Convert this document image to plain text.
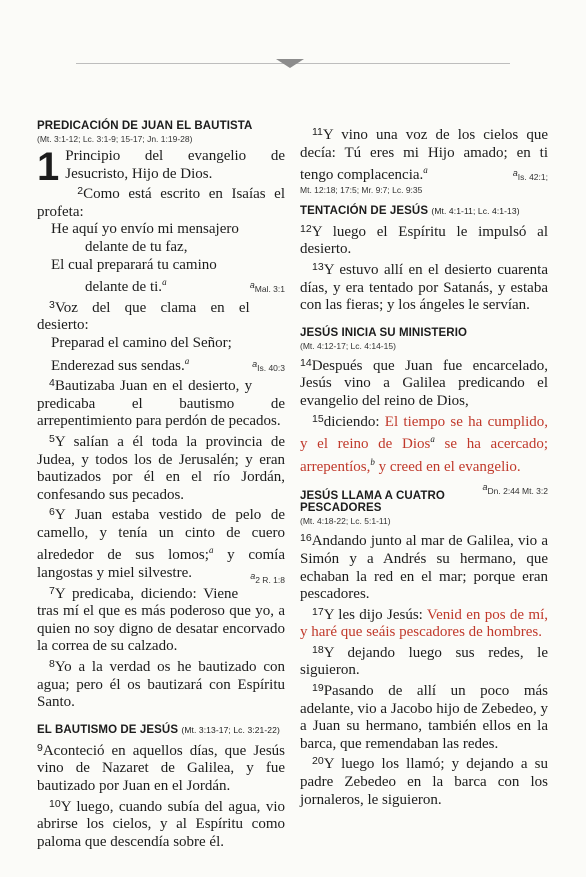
PREDICACIÓN DE JUAN EL BAUTISTA

(Mt. 3:1-12; Lc. 3:1-9; 15-17; Jn. 1:19-28)

1 Principio del evangelio de Jesucristo, Hijo de Dios.

$^2$Como está escrito en Isaías el profeta:

He aquí yo envío mi mensajero
delante de tu faz,
El cual preparará tu camino
delante de ti.$^a$	$^a$Mal. 3:1

$^3$Voz del que clama en el desierto:

Preparad el camino del Señor;
Enderezad sus sendas.$^a$	$^a$Is. 40:3

$^4$Bautizaba Juan en el desierto, y predicaba el bautismo de arrepentimiento para perdón de pecados.

$^5$Y salían a él toda la provincia de Judea, y todos los de Jerusalén; y eran bautizados por él en el río Jordán, confesando sus pecados.

$^6$Y Juan estaba vestido de pelo de camello, y tenía un cinto de cuero alrededor de sus lomos;$^a$ y comía langostas y miel silvestre.	$^a$2 R. 1:8

$^7$Y predicaba, diciendo: Viene tras mí el que es más poderoso que yo, a quien no soy digno de desatar encorvado la correa de su calzado.

$^8$Yo a la verdad os he bautizado con agua; pero él os bautizará con Espíritu Santo.

EL BAUTISMO DE JESÚS (Mt. 3:13-17; Lc. 3:21-22)

$^9$Aconteció en aquellos días, que Jesús vino de Nazaret de Galilea, y fue bautizado por Juan en el Jordán.

$^{10}$Y luego, cuando subía del agua, vio abrirse los cielos, y al Espíritu como paloma que descendía sobre él.

$^{11}$Y vino una voz de los cielos que decía: Tú eres mi Hijo amado; en ti tengo complacencia.$^a$	$^a$Is. 42:1;

Mt. 12:18; 17:5; Mr. 9:7; Lc. 9:35

TENTACIÓN DE JESÚS (Mt. 4:1-11; Lc. 4:1-13)

$^{12}$Y luego el Espíritu le impulsó al desierto.

$^{13}$Y estuvo allí en el desierto cuarenta días, y era tentado por Satanás, y estaba con las fieras; y los ángeles le servían.

JESÚS INICIA SU MINISTERIO

(Mt. 4:12-17; Lc. 4:14-15)

$^{14}$Después que Juan fue encarcelado, Jesús vino a Galilea predicando el evangelio del reino de Dios,

$^{15}$diciendo: El tiempo se ha cumplido, y el reino de Dios$^a$ se ha acercado; arrepentíos,$^b$ y creed en el evangelio.
$^a$Dn. 2:44 Mt. 3:2

JESÚS LLAMA A CUATRO PESCADORES

(Mt. 4:18-22; Lc. 5:1-11)

$^{16}$Andando junto al mar de Galilea, vio a Simón y a Andrés su hermano, que echaban la red en el mar; porque eran pescadores.

$^{17}$Y les dijo Jesús: Venid en pos de mí, y haré que seáis pescadores de hombres.

$^{18}$Y dejando luego sus redes, le siguieron.

$^{19}$Pasando de allí un poco más adelante, vio a Jacobo hijo de Zebedeo, y a Juan su hermano, también ellos en la barca, que remendaban las redes.

$^{20}$Y luego los llamó; y dejando a su padre Zebedeo en la barca con los jornaleros, le siguieron.
